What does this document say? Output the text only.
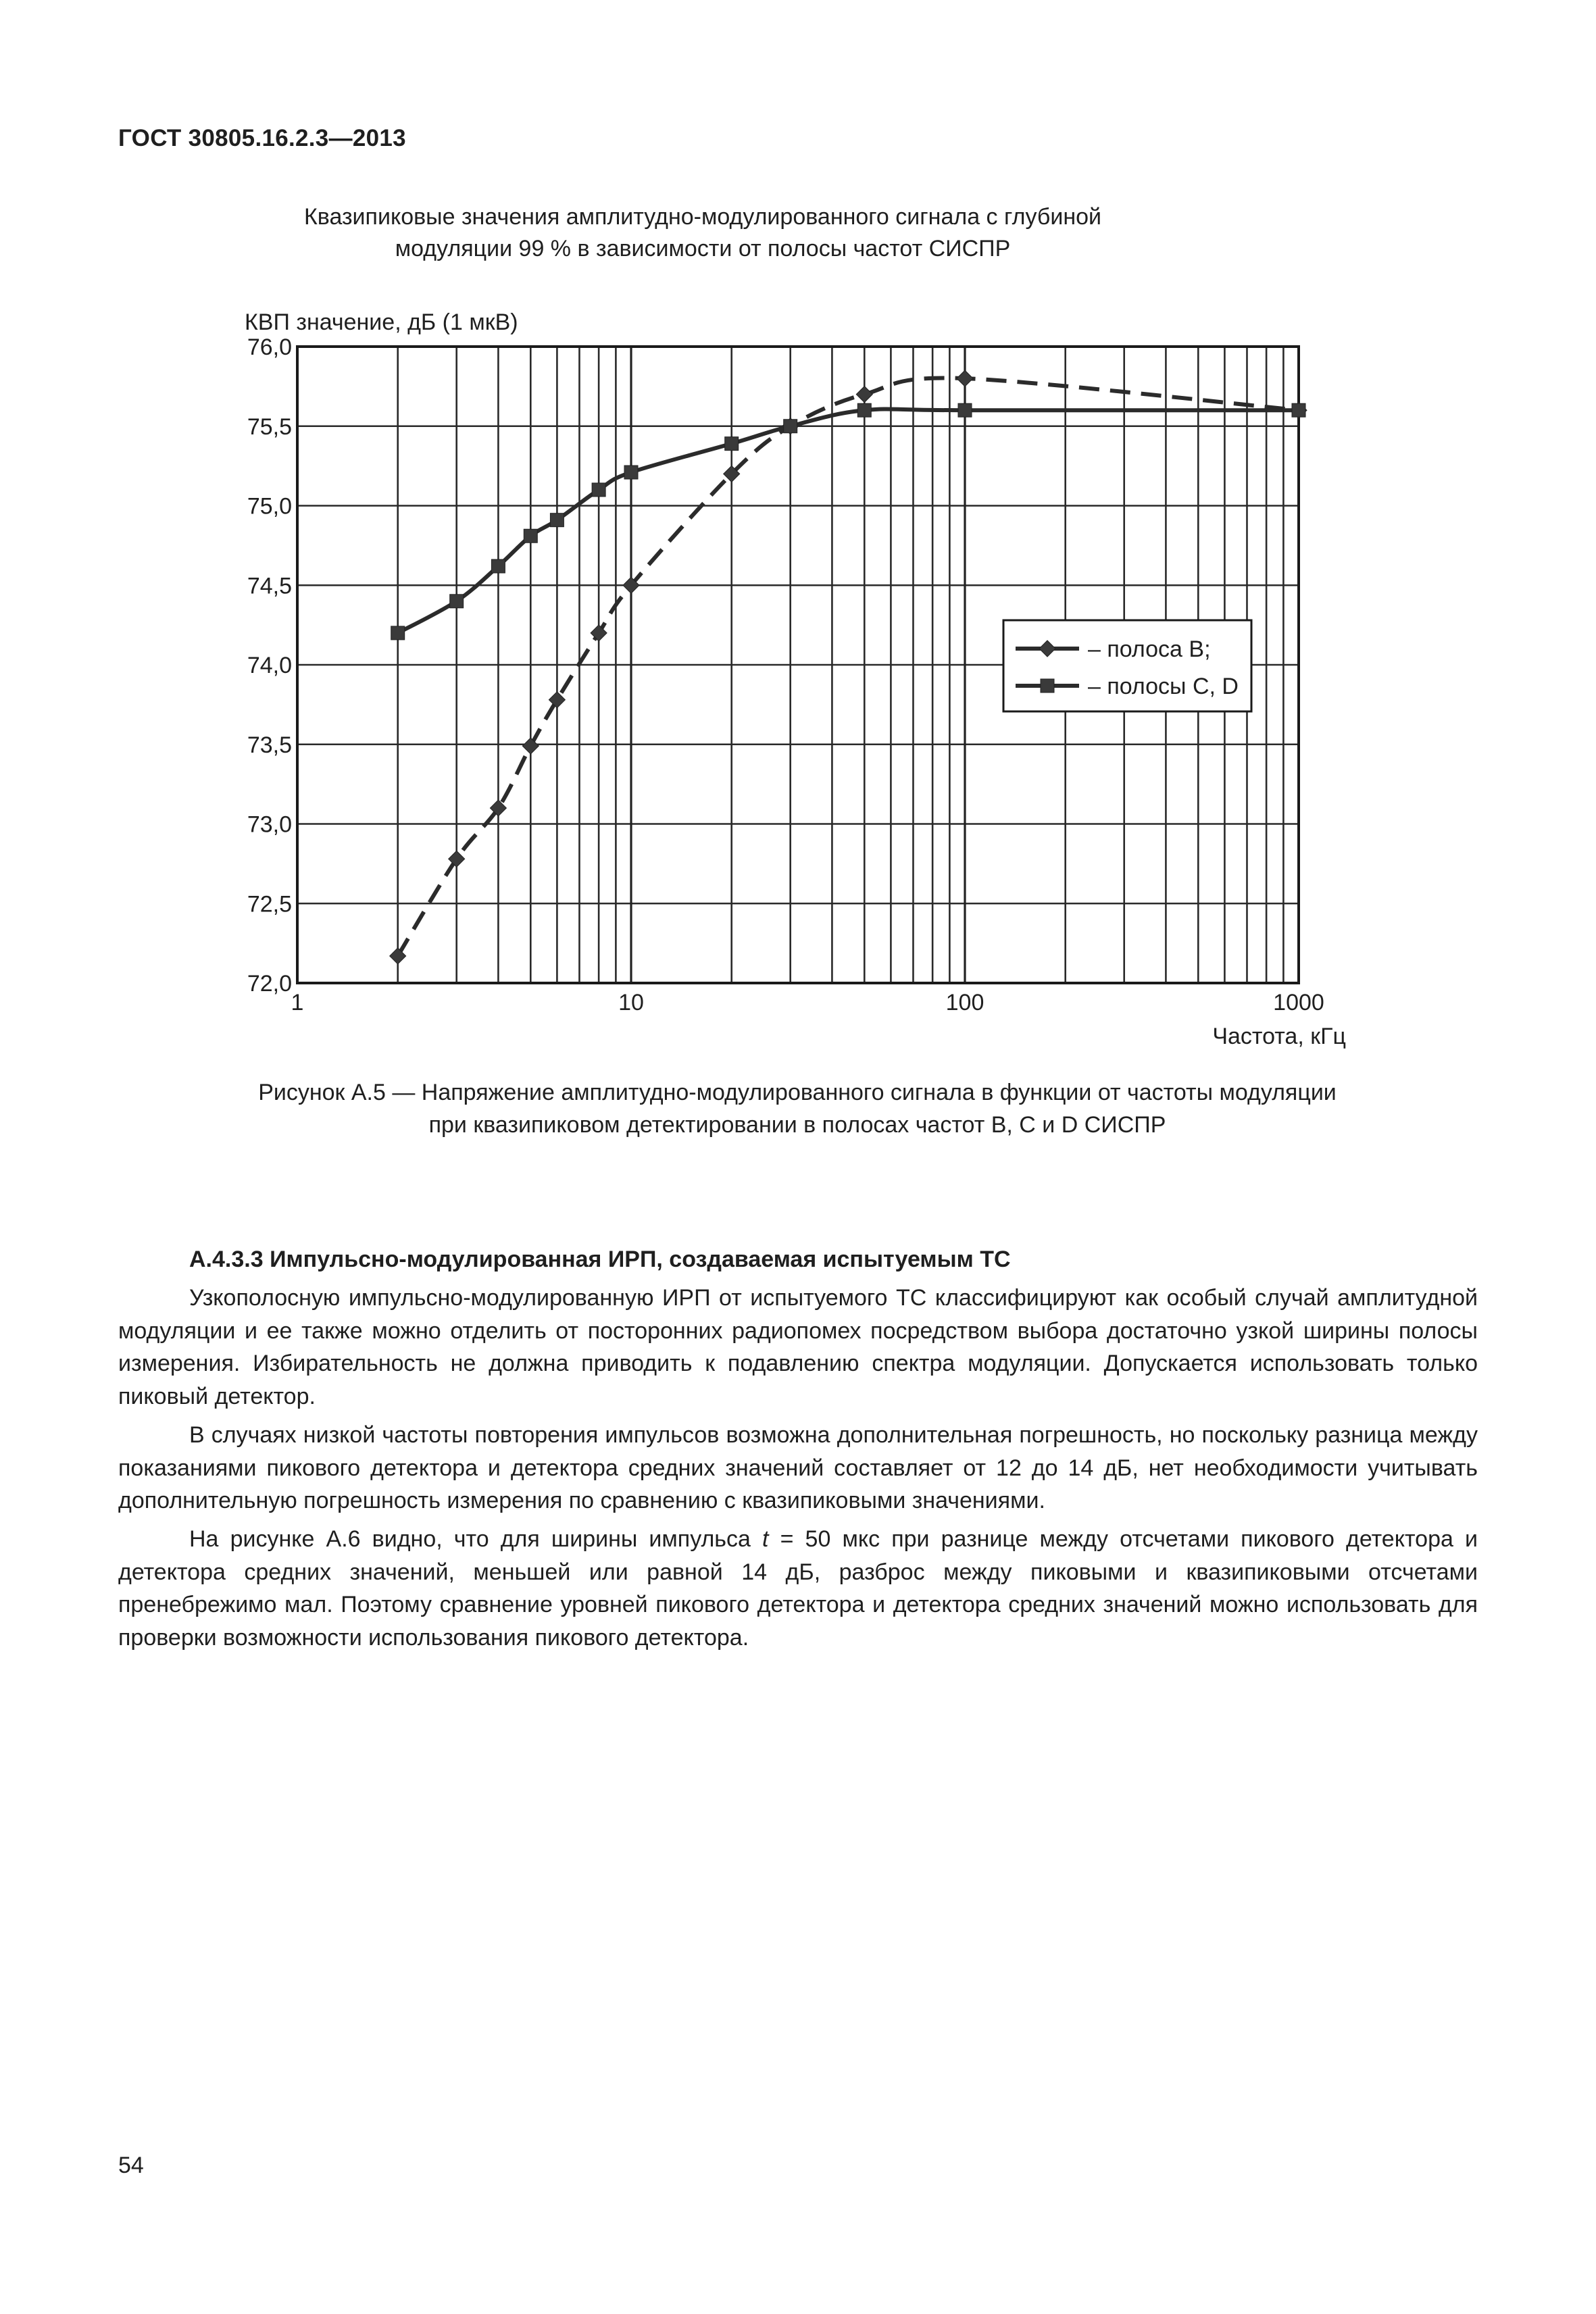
ГОСТ 30805.16.2.3—2013
Квазипиковые значения амплитудно-модулированного сигнала с глубиной
модуляции 99 % в зависимости от полосы частот СИСПР
72,0
72,5
73,0
73,5
74,0
74,5
75,0
75,5
76,0
1	10	100	1000
КВП значение, дБ (1 мкВ)
Частота, кГц
– полоса В;
– полосы С, D
Рисунок А.5 — Напряжение амплитудно-модулированного сигнала в функции от частоты модуляции
при квазипиковом детектировании в полосах частот В, С и D СИСПР
А.4.3.3 Импульсно-модулированная ИРП, создаваемая испытуемым ТС

Узкополосную импульсно-модулированную ИРП от испытуемого ТС классифицируют как особый случай амплитудной модуляции и ее также можно отделить от посторонних радиопомех посредством выбора достаточно узкой ширины полосы измерения. Избирательность не должна приводить к подавлению спектра модуляции. Допускается использовать только пиковый детектор.

В случаях низкой частоты повторения импульсов возможна дополнительная погрешность, но поскольку разница между показаниями пикового детектора и детектора средних значений составляет от 12 до 14 дБ, нет необходимости учитывать дополнительную погрешность измерения по сравнению с квазипиковыми значениями.

На рисунке А.6 видно, что для ширины импульса t = 50 мкс при разнице между отсчетами пикового детектора и детектора средних значений, меньшей или равной 14 дБ, разброс между пиковыми и квазипиковыми отсчетами пренебрежимо мал. Поэтому сравнение уровней пикового детектора и детектора средних значений можно использовать для проверки возможности использования пикового детектора.

54
